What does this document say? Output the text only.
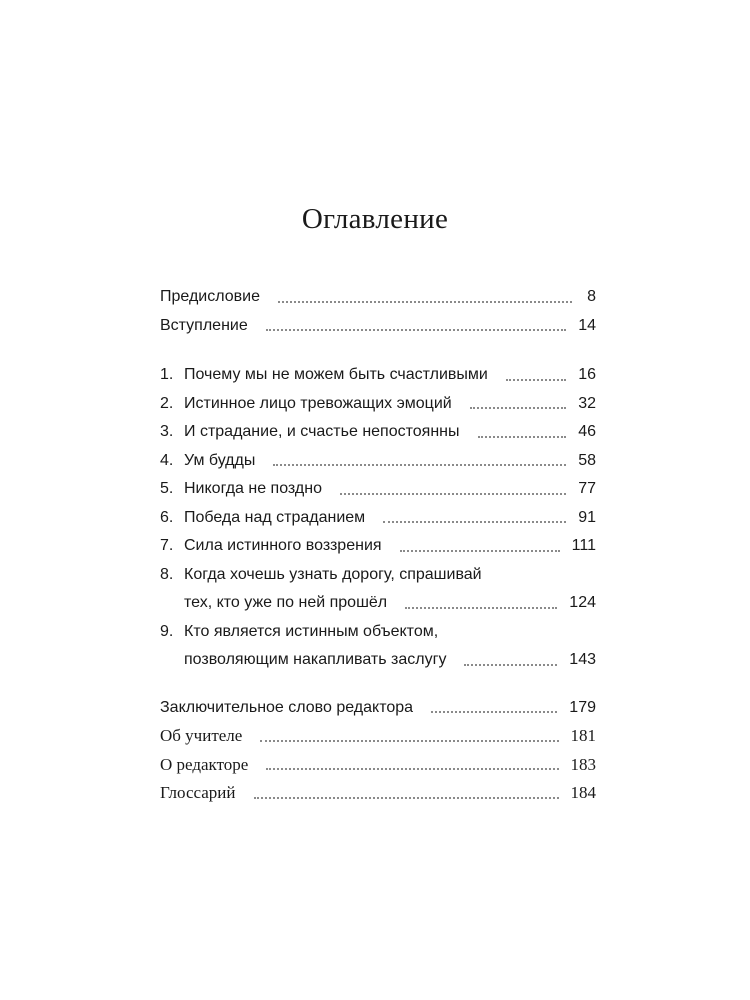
Оглавление
Предисловие	8
Вступление	14
1. Почему мы не можем быть счастливыми	16
2. Истинное лицо тревожащих эмоций	32
3. И страдание, и счастье непостоянны	46
4. Ум будды	58
5. Никогда не поздно	77
6. Победа над страданием	91
7. Сила истинного воззрения	111
8. Когда хочешь узнать дорогу, спрашивай
тех, кто уже по ней прошёл	124
9. Кто является истинным объектом,
позволяющим накапливать заслугу	143
Заключительное слово редактора	179
Об учителе	181
О редакторе	183
Глоссарий	184
